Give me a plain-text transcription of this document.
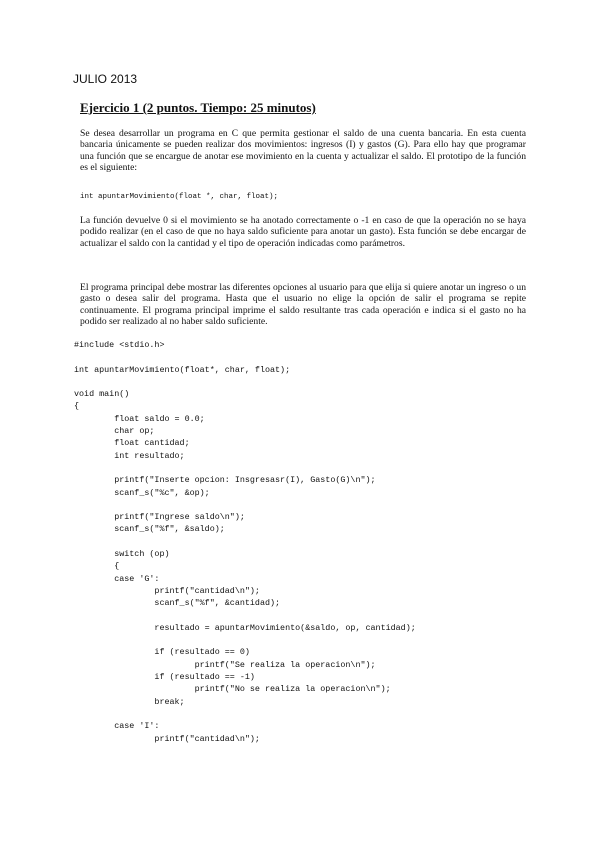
JULIO 2013
Ejercicio 1 (2 puntos. Tiempo: 25 minutos)

Se desea desarrollar un programa en C que permita gestionar el saldo de una cuenta bancaria. En esta cuenta bancaria únicamente se pueden realizar dos movimientos: ingresos (I) y gastos (G). Para ello hay que programar una función que se encargue de anotar ese movimiento en la cuenta y actualizar el saldo. El prototipo de la función es el siguiente:

int apuntarMovimiento(float *, char, float);

La función devuelve 0 si el movimiento se ha anotado correctamente o -1 en caso de que la operación no se haya podido realizar (en el caso de que no haya saldo suficiente para anotar un gasto). Esta función se debe encargar de actualizar el saldo con la cantidad y el tipo de operación indicadas como parámetros.

El programa principal debe mostrar las diferentes opciones al usuario para que elija si quiere anotar un ingreso o un gasto o desea salir del programa. Hasta que el usuario no elige la opción de salir el programa se repite continuamente. El programa principal imprime el saldo resultante tras cada operación e indica si el gasto no ha podido ser realizado al no haber saldo suficiente.

#include <stdio.h>

int apuntarMovimiento(float*, char, float);

void main()
{
float saldo = 0.0;
char op;
float cantidad;
int resultado;

printf("Inserte opcion: Insgresasr(I), Gasto(G)\n");
scanf_s("%c", &op);

printf("Ingrese saldo\n");
scanf_s("%f", &saldo);

switch (op)
{
case 'G':
printf("cantidad\n");
scanf_s("%f", &cantidad);

resultado = apuntarMovimiento(&saldo, op, cantidad);

if (resultado == 0)
printf("Se realiza la operacion\n");
if (resultado == -1)
printf("No se realiza la operacion\n");
break;

case 'I':
printf("cantidad\n");
